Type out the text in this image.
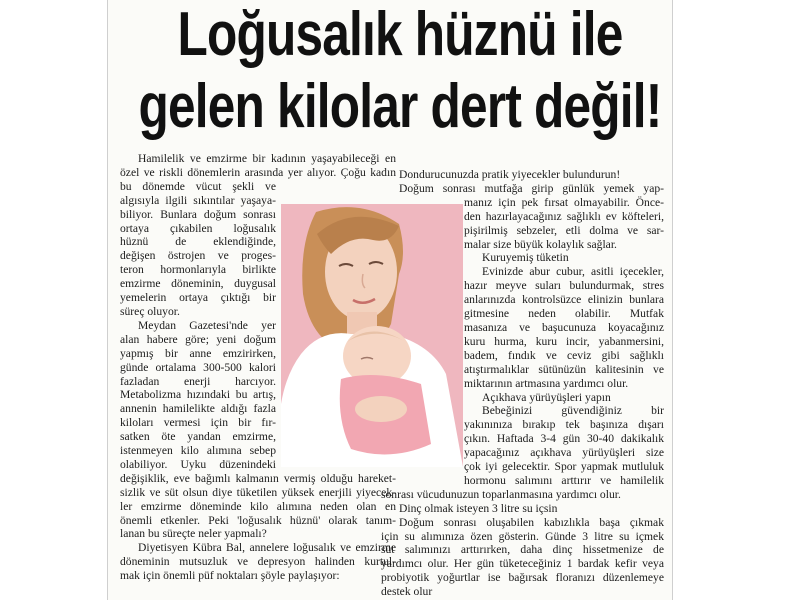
Loğusalık hüznü ile
gelen kilolar dert değil!

Hamilelik ve emzirme bir kadının yaşayabileceği en

özel ve riskli dönemlerin arasında yer alıyor. Çoğu kadın

bu dönemde vücut şekli ve

algısıyla ilgili sıkıntılar yaşaya-

biliyor. Bunlara doğum sonrası

ortaya çıkabilen loğusalık

hüznü de eklendiğinde,

değişen östrojen ve proges-

teron hormonlarıyla birlikte

emzirme döneminin, duygusal

yemelerin ortaya çıktığı bir

süreç oluyor.

Meydan Gazetesi'nde yer

alan habere göre; yeni doğum

yapmış bir anne emzirirken,

günde ortalama 300-500 kalori

fazladan enerji harcıyor.

Metabolizma hızındaki bu artış,

annenin hamilelikte aldığı fazla

kiloları vermesi için bir fır-

satken öte yandan emzirme,

istenmeyen kilo alımına sebep

olabiliyor. Uyku düzenindeki

değişiklik, eve bağımlı kalmanın vermiş olduğu hareket-

sizlik ve süt olsun diye tüketilen yüksek enerjili yiyecek-

ler emzirme döneminde kilo alımına neden olan en

önemli etkenler. Peki 'loğusalık hüznü' olarak tanım-

lanan bu süreçte neler yapmalı?

Diyetisyen Kübra Bal, annelere loğusalık ve emzirme

döneminin mutsuzluk ve depresyon halinden kurtul-

mak için önemli püf noktaları şöyle paylaşıyor:

Dondurucunuzda pratik yiyecekler bulundurun!

Doğum sonrası mutfağa girip günlük yemek yap-

manız için pek fırsat olmayabilir. Önce-

den hazırlayacağınız sağlıklı ev köfteleri,

pişirilmiş sebzeler, etli dolma ve sar-

malar size büyük kolaylık sağlar.

Kuruyemiş tüketin

Evinizde abur cubur, asitli içecekler,

hazır meyve suları bulundurmak, stres

anlarınızda kontrolsüzce elinizin bunlara

gitmesine neden olabilir. Mutfak

masanıza ve başucunuza koyacağınız

kuru hurma, kuru incir, yabanmersini,

badem, fındık ve ceviz gibi sağlıklı

atıştırmalıklar sütünüzün kalitesinin ve

miktarının artmasına yardımcı olur.

Açıkhava yürüyüşleri yapın

Bebeğinizi güvendiğiniz bir

yakınınıza bırakıp tek başınıza dışarı

çıkın. Haftada 3-4 gün 30-40 dakikalık

yapacağınız açıkhava yürüyüşleri size

çok iyi gelecektir. Spor yapmak mutluluk

hormonu salımını arttırır ve hamilelik

sonrası vücudunuzun toparlanmasına yardımcı olur.

Dinç olmak isteyen 3 litre su içsin

Doğum sonrası oluşabilen kabızlıkla başa çıkmak

için su alımınıza özen gösterin. Günde 3 litre su içmek

süt salımınızı arttırırken, daha dinç hissetmenize de

yardımcı olur. Her gün tüketeceğiniz 1 bardak kefir veya

probiyotik yoğurtlar ise bağırsak floranızı düzenlemeye

destek olur
